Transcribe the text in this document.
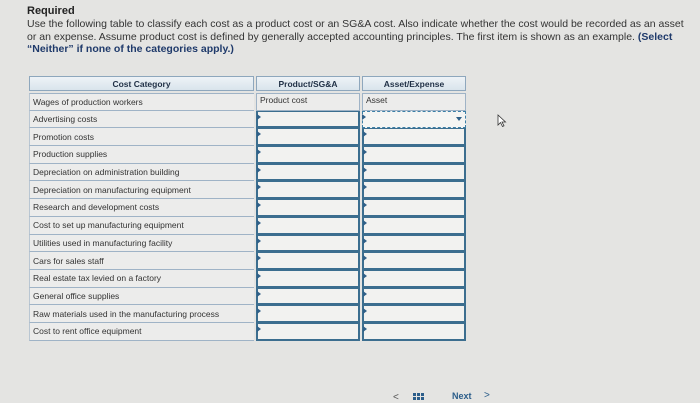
Required
Use the following table to classify each cost as a product cost or an SG&A cost. Also indicate whether the cost would be recorded as an asset or an expense. Assume product cost is defined by generally accepted accounting principles. The first item is shown as an example. (Select “Neither” if none of the categories apply.)
Cost Category	Product/SG&A	Asset/Expense
Wages of production workers	Product cost	Asset
Advertising costs
Promotion costs
Production supplies
Depreciation on administration building
Depreciation on manufacturing equipment
Research and development costs
Cost to set up manufacturing equipment
Utilities used in manufacturing facility
Cars for sales staff
Real estate tax levied on a factory
General office supplies
Raw materials used in the manufacturing process
Cost to rent office equipment
<	Next >
